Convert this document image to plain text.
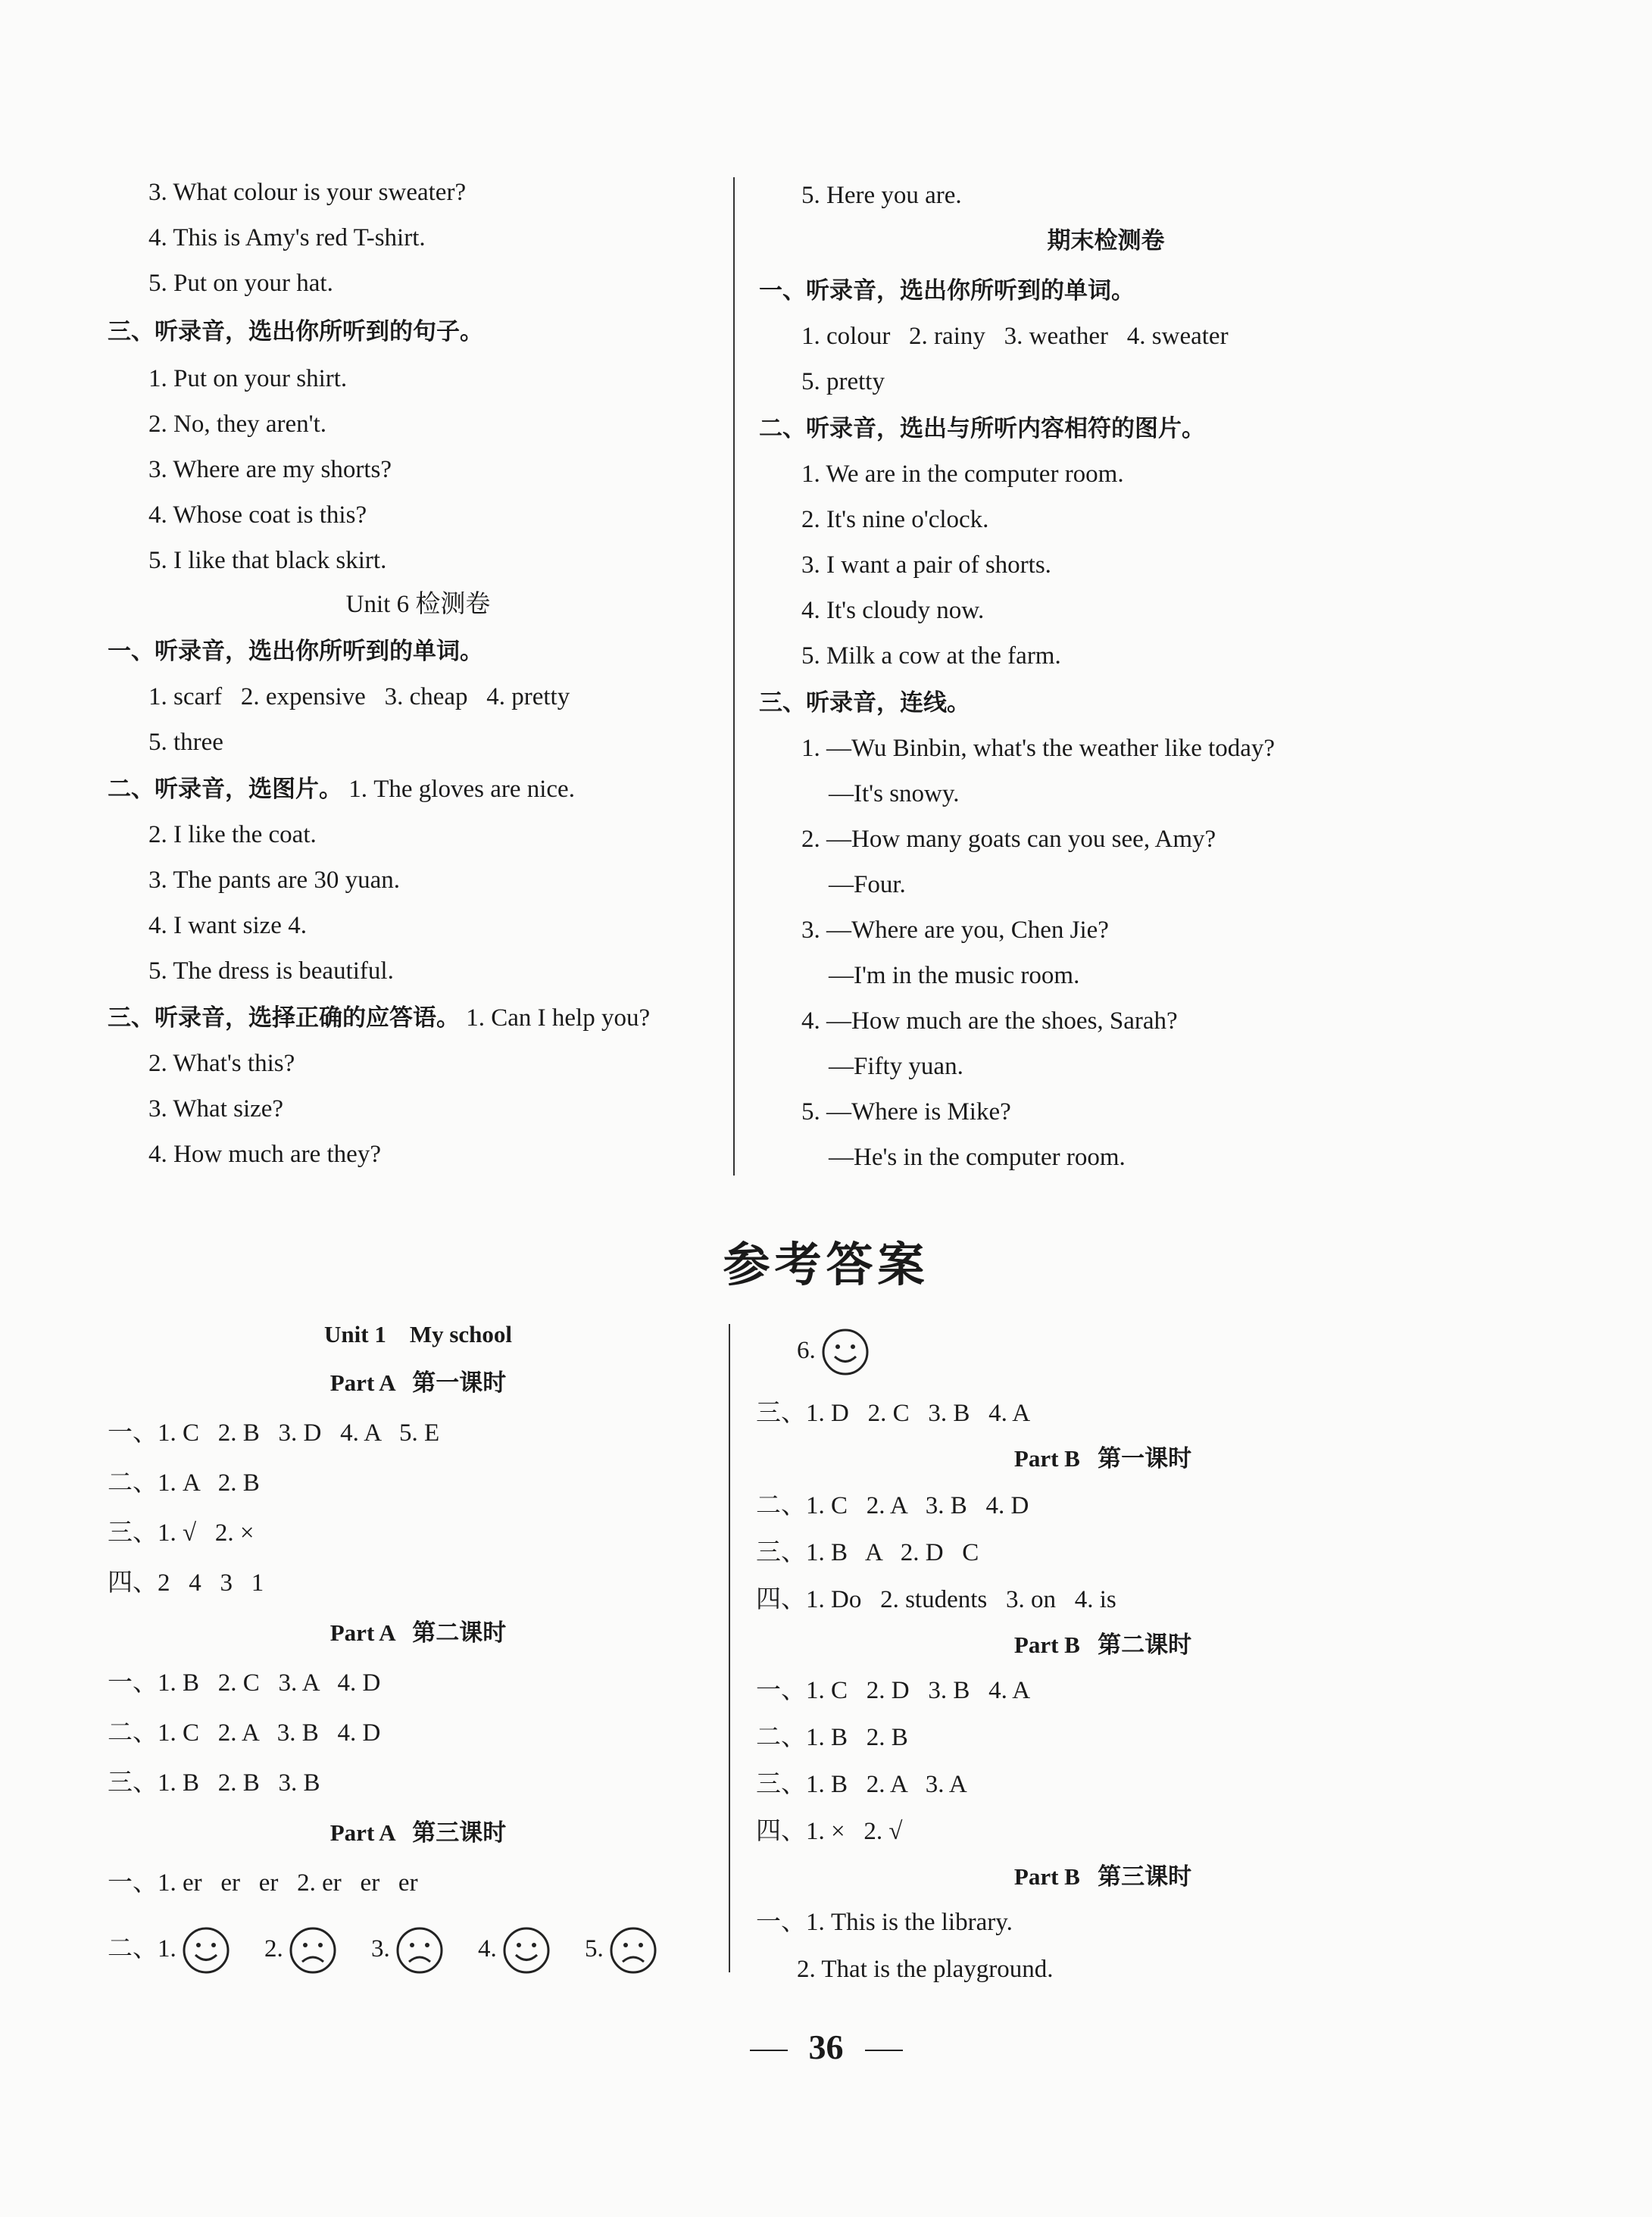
3. What colour is your sweater?
4. This is Amy's red T-shirt.
5. Put on your hat.
三、听录音，选出你所听到的句子。
1. Put on your shirt.
2. No, they aren't.
3. Where are my shorts?
4. Whose coat is this?
5. I like that black skirt.
Unit 6 检测卷
一、听录音，选出你所听到的单词。
1. scarf   2. expensive   3. cheap   4. pretty
5. three
二、听录音，选图片。 1. The gloves are nice.
2. I like the coat.
3. The pants are 30 yuan.
4. I want size 4.
5. The dress is beautiful.
三、听录音，选择正确的应答语。 1. Can I help you?
2. What's this?
3. What size?
4. How much are they?
5. Here you are.
期末检测卷
一、听录音，选出你所听到的单词。
1. colour   2. rainy   3. weather   4. sweater
5. pretty
二、听录音，选出与所听内容相符的图片。
1. We are in the computer room.
2. It's nine o'clock.
3. I want a pair of shorts.
4. It's cloudy now.
5. Milk a cow at the farm.
三、听录音，连线。
1. —Wu Binbin, what's the weather like today?
—It's snowy.
2. —How many goats can you see, Amy?
—Four.
3. —Where are you, Chen Jie?
—I'm in the music room.
4. —How much are the shoes, Sarah?
—Fifty yuan.
5. —Where is Mike?
—He's in the computer room.
参考答案
Unit 1    My school
Part A   第一课时
一、1. C   2. B   3. D   4. A   5. E
二、1. A   2. B
三、1. √   2. ×
四、2   4   3   1
Part A   第二课时
一、1. B   2. C   3. A   4. D
二、1. C   2. A   3. B   4. D
三、1. B   2. B   3. B
Part A   第三课时
一、1. er   er   er   2. er   er   er
二、1.	2.	3.	4.	5.
6.
三、1. D   2. C   3. B   4. A
Part B   第一课时
二、1. C   2. A   3. B   4. D
三、1. B   A   2. D   C
四、1. Do   2. students   3. on   4. is
Part B   第二课时
一、1. C   2. D   3. B   4. A
二、1. B   2. B
三、1. B   2. A   3. A
四、1. ×   2. √
Part B   第三课时
一、1. This is the library.
2. That is the playground.
36
